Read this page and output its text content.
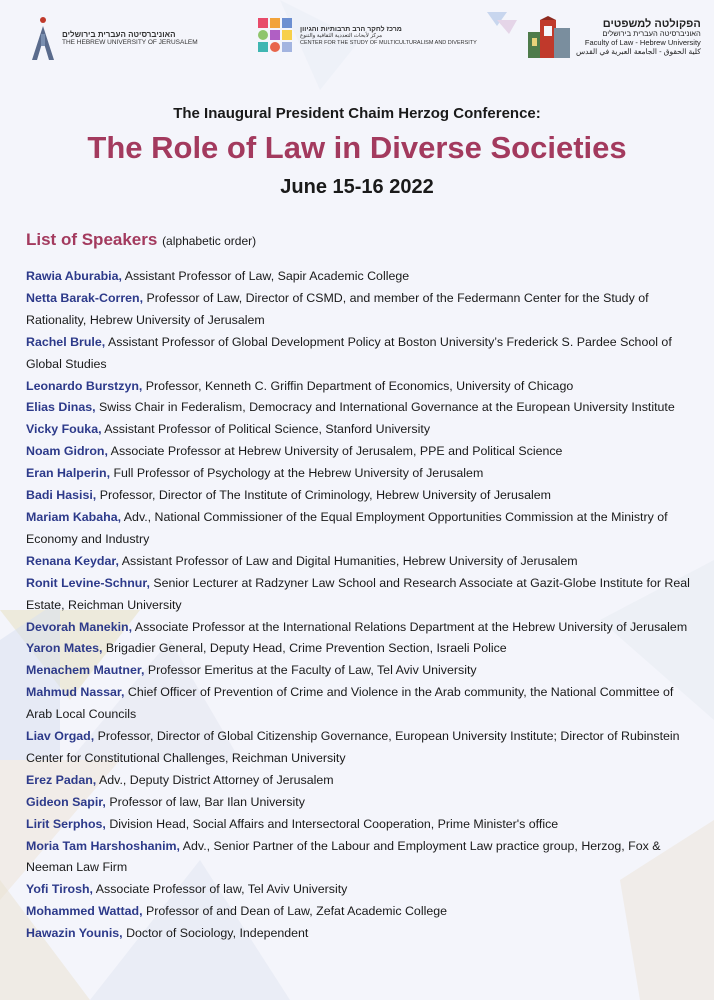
האוניברסיטה העברית בירושלים
THE HEBREW UNIVERSITY OF JERUSALEM
מרכז לחקר הרב תרבותיות והגיוון
مركز لأبحاث التعددية الثقافية والتنوع
CENTER FOR THE STUDY OF MULTICULTURALISM AND DIVERSITY
הפקולטה למשפטים
האוניברסיטה העברית בירושלים
Faculty of Law - Hebrew University
كلية الحقوق - الجامعة العبرية في القدس
The Inaugural President Chaim Herzog Conference:
The Role of Law in Diverse Societies
June 15-16 2022
List of Speakers (alphabetic order)
Rawia Aburabia, Assistant Professor of Law, Sapir Academic College
Netta Barak-Corren, Professor of Law, Director of CSMD, and member of the Federmann Center for the Study of Rationality, Hebrew University of Jerusalem
Rachel Brule, Assistant Professor of Global Development Policy at Boston University’s Frederick S. Pardee School of Global Studies
Leonardo Burstzyn, Professor, Kenneth C. Griffin Department of Economics, University of Chicago
Elias Dinas, Swiss Chair in Federalism, Democracy and International Governance at the European University Institute
Vicky Fouka, Assistant Professor of Political Science, Stanford University
Noam Gidron, Associate Professor at Hebrew University of Jerusalem, PPE and Political Science
Eran Halperin, Full Professor of Psychology at the Hebrew University of Jerusalem
Badi Hasisi, Professor, Director of The Institute of Criminology, Hebrew University of Jerusalem
Mariam Kabaha, Adv., National Commissioner of the Equal Employment Opportunities Commission at the Ministry of Economy and Industry
Renana Keydar, Assistant Professor of Law and Digital Humanities, Hebrew University of Jerusalem
Ronit Levine-Schnur, Senior Lecturer at Radzyner Law School and Research Associate at Gazit-Globe Institute for Real Estate, Reichman University
Devorah Manekin, Associate Professor at the International Relations Department at the Hebrew University of Jerusalem
Yaron Mates, Brigadier General, Deputy Head, Crime Prevention Section, Israeli Police
Menachem Mautner, Professor Emeritus at the Faculty of Law, Tel Aviv University
Mahmud Nassar, Chief Officer of Prevention of Crime and Violence in the Arab community, the National Committee of Arab Local Councils
Liav Orgad, Professor, Director of Global Citizenship Governance, European University Institute; Director of Rubinstein Center for Constitutional Challenges, Reichman University
Erez Padan, Adv., Deputy District Attorney of Jerusalem
Gideon Sapir, Professor of law, Bar Ilan University
Lirit Serphos, Division Head, Social Affairs and Intersectoral Cooperation, Prime Minister's office
Moria Tam Harshoshanim, Adv., Senior Partner of the Labour and Employment Law practice group, Herzog, Fox & Neeman Law Firm
Yofi Tirosh, Associate Professor of law, Tel Aviv University
Mohammed Wattad, Professor of and Dean of Law, Zefat Academic College
Hawazin Younis, Doctor of Sociology, Independent
